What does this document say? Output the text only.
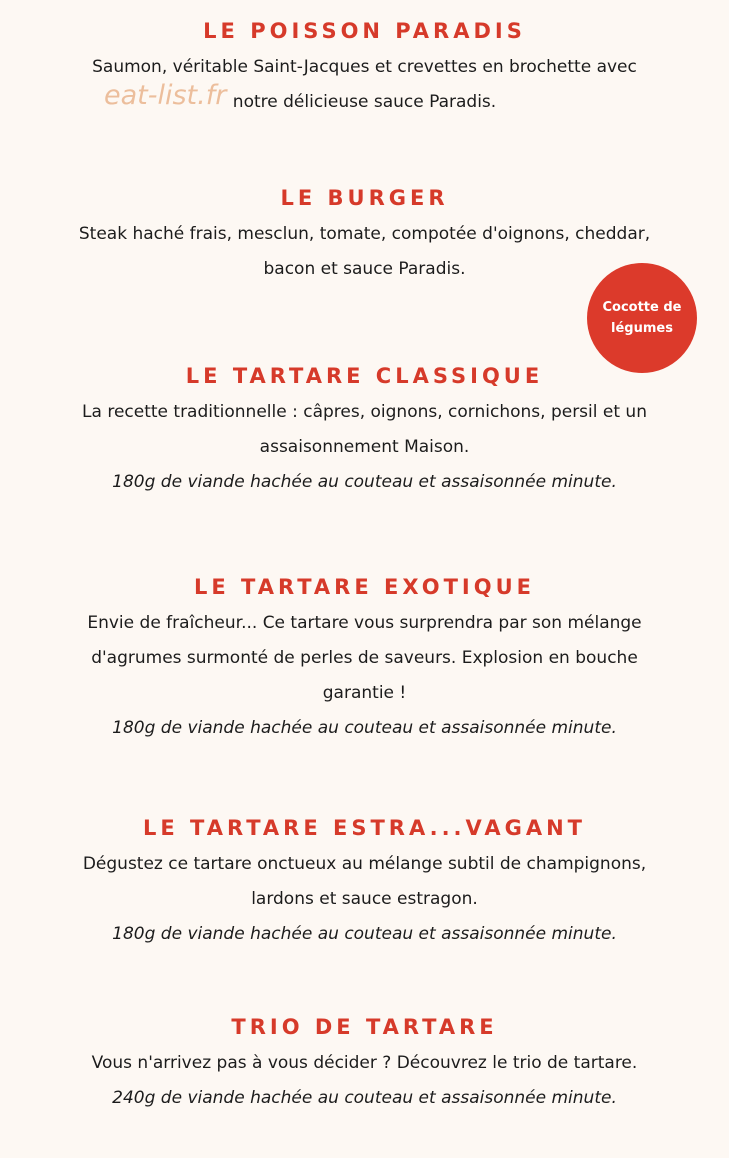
LE POISSON PARADIS
Saumon, véritable Saint-Jacques et crevettes en brochette avec
notre délicieuse sauce Paradis.
LE BURGER
Steak haché frais, mesclun, tomate, compotée d'oignons, cheddar,
bacon et sauce Paradis.
LE TARTARE CLASSIQUE
La recette traditionnelle : câpres, oignons, cornichons, persil et un
assaisonnement Maison.
180g de viande hachée au couteau et assaisonnée minute.
LE TARTARE EXOTIQUE
Envie de fraîcheur... Ce tartare vous surprendra par son mélange
d'agrumes surmonté de perles de saveurs. Explosion en bouche
garantie !
180g de viande hachée au couteau et assaisonnée minute.
LE TARTARE ESTRA...VAGANT
Dégustez ce tartare onctueux au mélange subtil de champignons,
lardons et sauce estragon.
180g de viande hachée au couteau et assaisonnée minute.
TRIO DE TARTARE
Vous n'arrivez pas à vous décider ? Découvrez le trio de tartare.
240g de viande hachée au couteau et assaisonnée minute.
eat-list.fr
Cocotte de
légumes
